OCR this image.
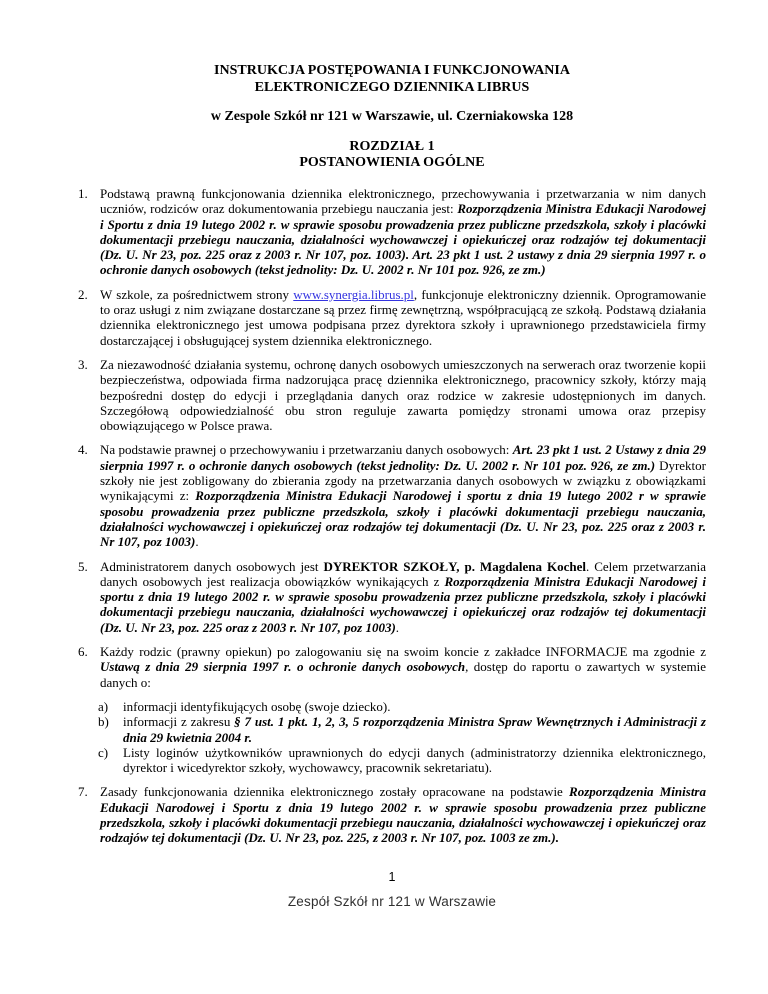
INSTRUKCJA POSTĘPOWANIA I FUNKCJONOWANIA
ELEKTRONICZEGO DZIENNIKA LIBRUS
w Zespole Szkół nr 121 w Warszawie, ul. Czerniakowska 128
ROZDZIAŁ 1
POSTANOWIENIA OGÓLNE
1. Podstawą prawną funkcjonowania dziennika elektronicznego, przechowywania i przetwarzania w nim danych uczniów, rodziców oraz dokumentowania przebiegu nauczania jest: Rozporządzenia Ministra Edukacji Narodowej i Sportu z dnia 19 lutego 2002 r. w sprawie sposobu prowadzenia przez publiczne przedszkola, szkoły i placówki dokumentacji przebiegu nauczania, działalności wychowawczej i opiekuńczej oraz rodzajów tej dokumentacji (Dz. U. Nr 23, poz. 225 oraz z 2003 r. Nr 107, poz. 1003). Art. 23 pkt 1 ust. 2 ustawy z dnia 29 sierpnia 1997 r. o ochronie danych osobowych (tekst jednolity: Dz. U. 2002 r. Nr 101 poz. 926, ze zm.)
2. W szkole, za pośrednictwem strony www.synergia.librus.pl, funkcjonuje elektroniczny dziennik. Oprogramowanie to oraz usługi z nim związane dostarczane są przez firmę zewnętrzną, współpracującą ze szkołą. Podstawą działania dziennika elektronicznego jest umowa podpisana przez dyrektora szkoły i uprawnionego przedstawiciela firmy dostarczającej i obsługującej system dziennika elektronicznego.
3. Za niezawodność działania systemu, ochronę danych osobowych umieszczonych na serwerach oraz tworzenie kopii bezpieczeństwa, odpowiada firma nadzorująca pracę dziennika elektronicznego, pracownicy szkoły, którzy mają bezpośredni dostęp do edycji i przeglądania danych oraz rodzice w zakresie udostępnionych im danych. Szczegółową odpowiedzialność obu stron reguluje zawarta pomiędzy stronami umowa oraz przepisy obowiązującego w Polsce prawa.
4. Na podstawie prawnej o przechowywaniu i przetwarzaniu danych osobowych: Art. 23 pkt 1 ust. 2 Ustawy z dnia 29 sierpnia 1997 r. o ochronie danych osobowych (tekst jednolity: Dz. U. 2002 r. Nr 101 poz. 926, ze zm.) Dyrektor szkoły nie jest zobligowany do zbierania zgody na przetwarzania danych osobowych w związku z obowiązkami wynikającymi z: Rozporządzenia Ministra Edukacji Narodowej i sportu z dnia 19 lutego 2002 r w sprawie sposobu prowadzenia przez publiczne przedszkola, szkoły i placówki dokumentacji przebiegu nauczania, działalności wychowawczej i opiekuńczej oraz rodzajów tej dokumentacji (Dz. U. Nr 23, poz. 225 oraz z 2003 r. Nr 107, poz 1003).
5. Administratorem danych osobowych jest DYREKTOR SZKOŁY, p. Magdalena Kochel. Celem przetwarzania danych osobowych jest realizacja obowiązków wynikających z Rozporządzenia Ministra Edukacji Narodowej i sportu z dnia 19 lutego 2002 r. w sprawie sposobu prowadzenia przez publiczne przedszkola, szkoły i placówki dokumentacji przebiegu nauczania, działalności wychowawczej i opiekuńczej oraz rodzajów tej dokumentacji (Dz. U. Nr 23, poz. 225 oraz z 2003 r. Nr 107, poz 1003).
6. Każdy rodzic (prawny opiekun) po zalogowaniu się na swoim koncie z zakładce INFORMACJE ma zgodnie z Ustawą z dnia 29 sierpnia 1997 r. o ochronie danych osobowych, dostęp do raportu o zawartych w systemie danych o:
a)	informacji identyfikujących osobę (swoje dziecko).
b)	informacji z zakresu § 7 ust. 1 pkt. 1, 2, 3, 5 rozporządzenia Ministra Spraw Wewnętrznych i Administracji z dnia 29 kwietnia 2004 r.
c)	Listy loginów użytkowników uprawnionych do edycji danych (administratorzy dziennika elektronicznego, dyrektor i wicedyrektor szkoły, wychowawcy, pracownik sekretariatu).
7. Zasady funkcjonowania dziennika elektronicznego zostały opracowane na podstawie Rozporządzenia Ministra Edukacji Narodowej i Sportu z dnia 19 lutego 2002 r. w sprawie sposobu prowadzenia przez publiczne przedszkola, szkoły i placówki dokumentacji przebiegu nauczania, działalności wychowawczej i opiekuńczej oraz rodzajów tej dokumentacji (Dz. U. Nr 23, poz. 225, z 2003 r. Nr 107, poz. 1003 ze zm.).
1
Zespół Szkół nr 121 w Warszawie
